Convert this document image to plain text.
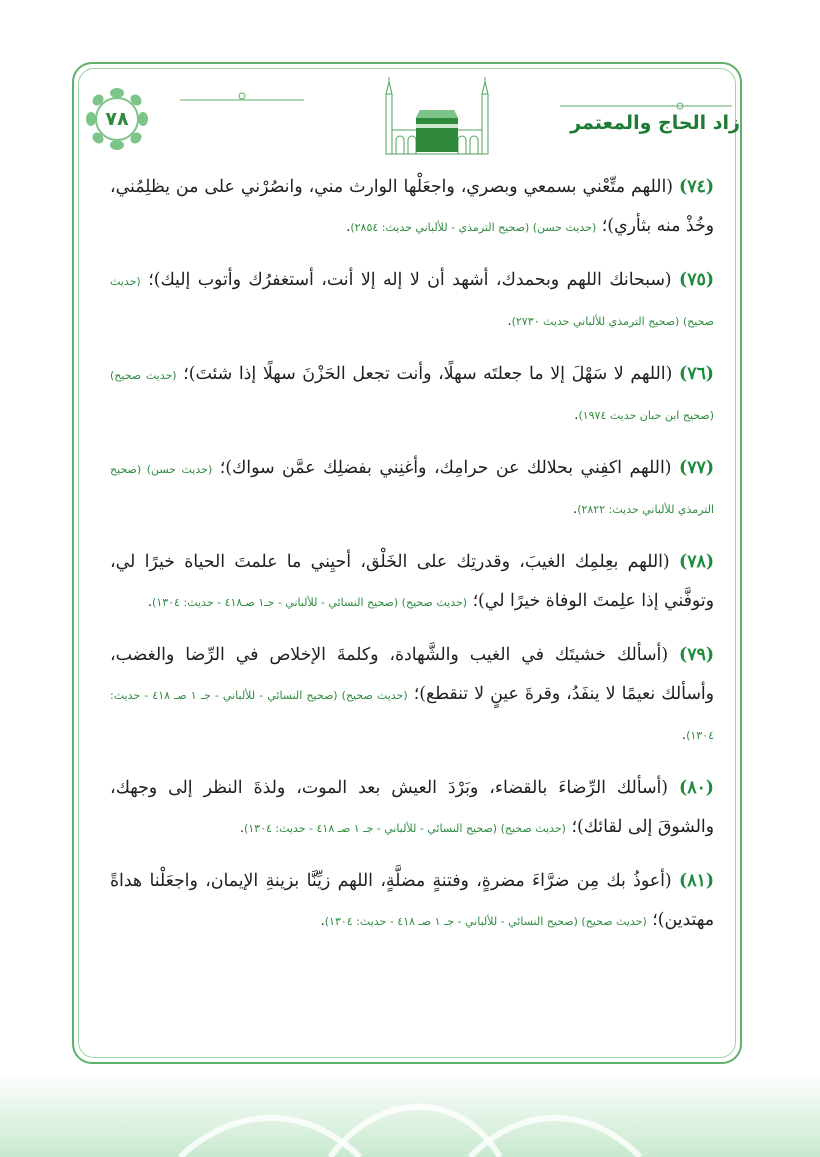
٧٨	زاد الحاج والمعتمر

(٧٤) (اللهم متِّعْني بسمعي وبصري، واجعَلْها الوارث مني، وانصُرْني على من يظلِمُني، وخُذْ منه بثأري)؛ (حديث حسن) (صحيح الترمذي - للألباني حديث: ٢٨٥٤).

(٧٥) (سبحانك اللهم وبحمدك، أشهد أن لا إله إلا أنت، أستغفرُك وأتوب إليك)؛ (حديث صحيح) (صحيح الترمذي للألباني حديث ٢٧٣٠).

(٧٦) (اللهم لا سَهْلَ إلا ما جعلتَه سهلًا، وأنت تجعل الحَزْنَ سهلًا إذا شئتَ)؛ (حديث صحيح) (صحيح ابن حبان حديث ١٩٧٤).

(٧٧) (اللهم اكفِني بحلالك عن حرامِك، وأغنِني بفضلِك عمَّن سواك)؛ (حديث حسن) (صحيح الترمذي للألباني حديث: ٢٨٢٢).

(٧٨) (اللهم بعِلمِك الغيبَ، وقدرتِك على الخَلْق، أحيِني ما علمتَ الحياة خيرًا لي، وتوفَّني إذا علِمتَ الوفاة خيرًا لي)؛ (حديث صحيح) (صحيح النسائي - للألباني - جـ١ صـ٤١٨ - حديث: ١٣٠٤).

(٧٩) (أسألك خشيتَك في الغيب والشَّهادة، وكلمةَ الإخلاص في الرِّضا والغضب، وأسألك نعيمًا لا ينفَدُ، وقرةَ عينٍ لا تنقطع)؛ (حديث صحيح) (صحيح النسائي - للألباني - جـ ١ صـ ٤١٨ - حديث: ١٣٠٤).

(٨٠) (أسألك الرِّضاءَ بالقضاء، وبَرْدَ العيش بعد الموت، ولذةَ النظر إلى وجهك، والشوقَ إلى لقائك)؛ (حديث صحيح) (صحيح النسائي - للألباني - جـ ١ صـ ٤١٨ - حديث: ١٣٠٤).

(٨١) (أعوذُ بك مِن ضرَّاءَ مضرةٍ، وفتنةٍ مضلَّةٍ، اللهم زيِّنَّا بزينةِ الإيمان، واجعَلْنا هداةً مهتدين)؛ (حديث صحيح) (صحيح النسائي - للألباني - جـ ١ صـ ٤١٨ - حديث: ١٣٠٤).
